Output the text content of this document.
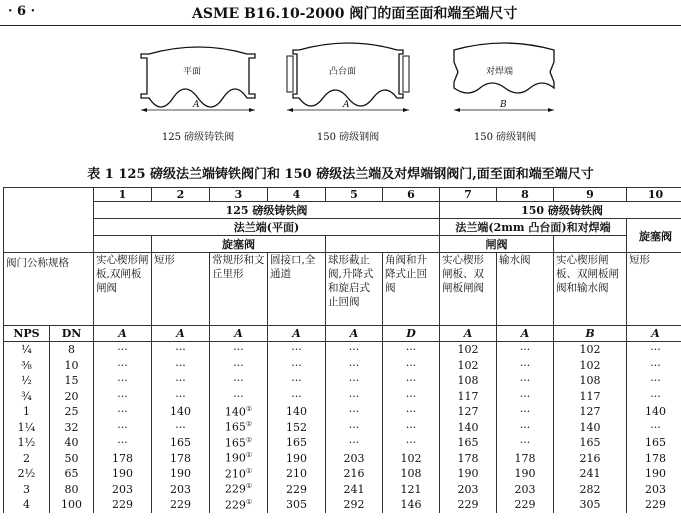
· 6 ·	ASME B16.10-2000 阀门的面至面和端至端尺寸
平面
A
125 磅级铸铁阀
凸台面
A
150 磅级钢阀
对焊端
B
150 磅级钢阀
表 1 125 磅级法兰端铸铁阀门和 150 磅级法兰端及对焊端钢阀门,面至面和端至端尺寸
		1	2	3	4	5	6	7	8	9	10
		125 磅级铸铁阀						150 磅级铸铁阀			
		法兰端(平面)						法兰端(2mm 凸台面)和对焊端			旋塞阀
			旋塞阀					闸阀			
阀门公称规格		实心楔形闸板,双闸板闸阀	短形	常规形和文丘里形	圆接口,全通道	球形截止阀,升降式和旋启式止回阀	角阀和升降式止回阀	实心楔形闸板、双闸板闸阀	输水阀	实心楔形闸板、双闸板闸阀和输水阀	短形
NPS	DN	A	A	A	A	A	D	A	A	B	A
¼	8	···	···	···	···	···	···	102	···	102	···
⅜	10	···	···	···	···	···	···	102	···	102	···
½	15	···	···	···	···	···	···	108	···	108	···
¾	20	···	···	···	···	···	···	117	···	117	···
1	25	···	140	140①	140	···	···	127	···	127	140
1¼	32	···	···	165①	152	···	···	140	···	140	···
1½	40	···	165	165①	165	···	···	165	···	165	165
2	50	178	178	190①	190	203	102	178	178	216	178
2½	65	190	190	210①	210	216	108	190	190	241	190
3	80	203	203	229①	229	241	121	203	203	282	203
4	100	229	229	229①	305	292	146	229	229	305	229
